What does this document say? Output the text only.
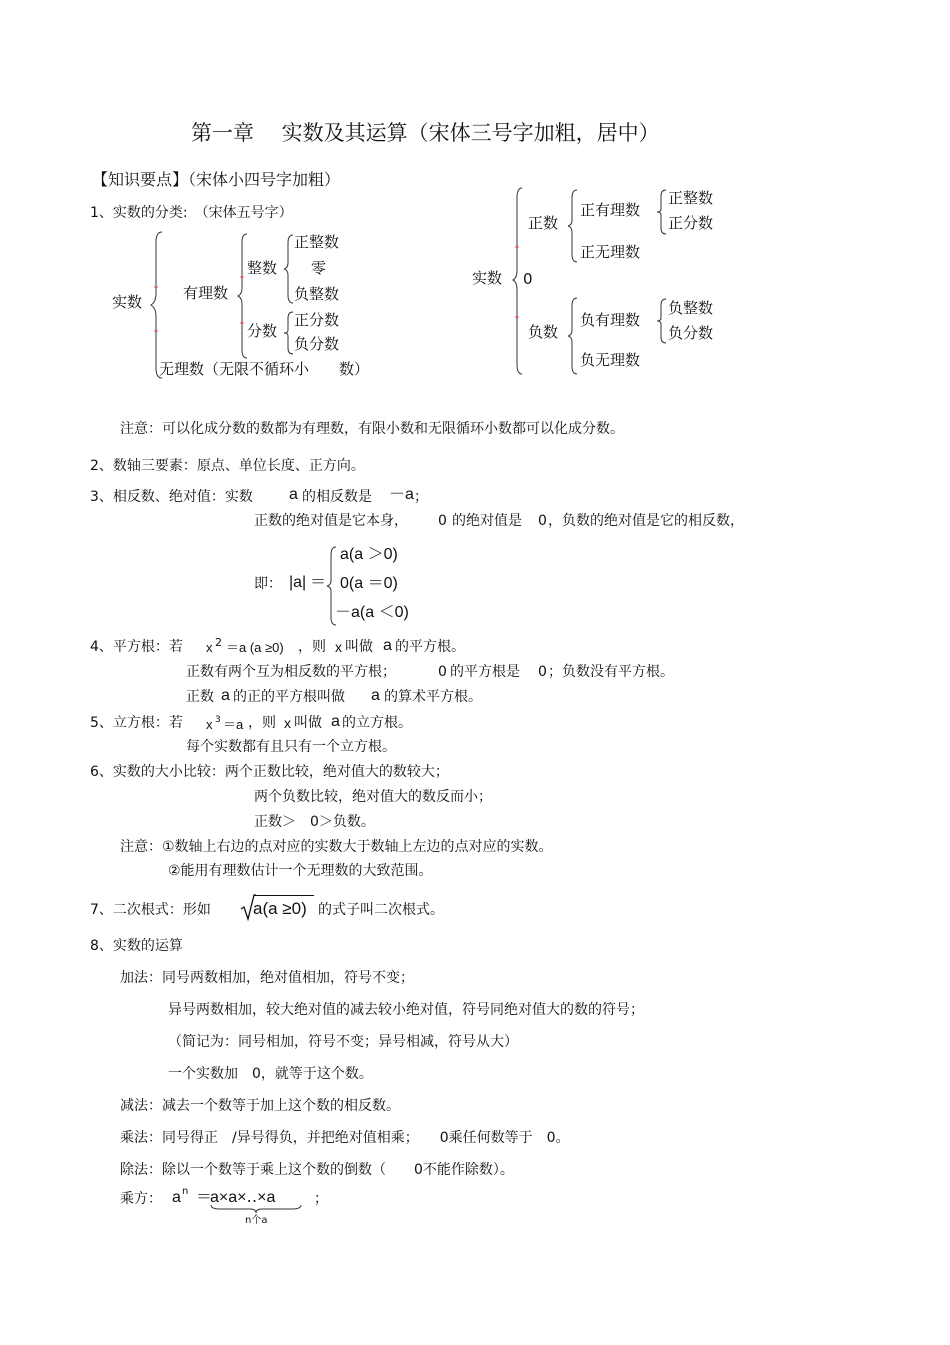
第一章　 实数及其运算（宋体三号字加粗，居中）
【知识要点】（宋体小四号字加粗）
1、实数的分类:　（宋体五号字）
实数	有理数
整数
分数
正整数
零
负整数
正分数
负分数
无理数（无限不循环小　　数）
实数
正数
0
负数
正有理数
正无理数
正整数
正分数
负有理数
负无理数
负整数
负分数
注意：可以化成分数的数都为有理数，有限小数和无限循环小数都可以化成分数。
2、数轴三要素：原点、单位长度、正方向。
3、相反数、绝对值：实数 a 的相反数是 －a ；
正数的绝对值是它本身， 0 的绝对值是 0 ，负数的绝对值是它的相反数，
即： |a| ＝
a(a ＞0)
0(a ＝0)
－a(a ＜0)
4、平方根：若 x 2 ＝a (a ≥0) ，则 x 叫做 a 的平方根。
正数有两个互为相反数的平方根；	0 的平方根是 0 ；负数没有平方根。
正数 a 的正的平方根叫做 a 的算术平方根。
5、立方根：若 x 3 ＝a ，则 x 叫做 a 的立方根。
每个实数都有且只有一个立方根。
6、实数的大小比较：两个正数比较，绝对值大的数较大；
两个负数比较，绝对值大的数反而小；
正数＞　0＞负数。
注意：①数轴上右边的点对应的实数大于数轴上左边的点对应的实数。
②能用有理数估计一个无理数的大致范围。
7、二次根式：形如 a(a ≥0) 的式子叫二次根式。
8、实数的运算
加法：同号两数相加，绝对值相加，符号不变；
异号两数相加，较大绝对值的减去较小绝对值，符号同绝对值大的数的符号；
（简记为：同号相加，符号不变；异号相减，符号从大）
一个实数加　0，就等于这个数。
减法：减去一个数等于加上这个数的相反数。
乘法：同号得正　/异号得负，并把绝对值相乘；　　0乘任何数等于　0。
除法：除以一个数等于乘上这个数的倒数（　　0不能作除数）。
乘方： a n ＝
a×a×‥×a	；
n个a
